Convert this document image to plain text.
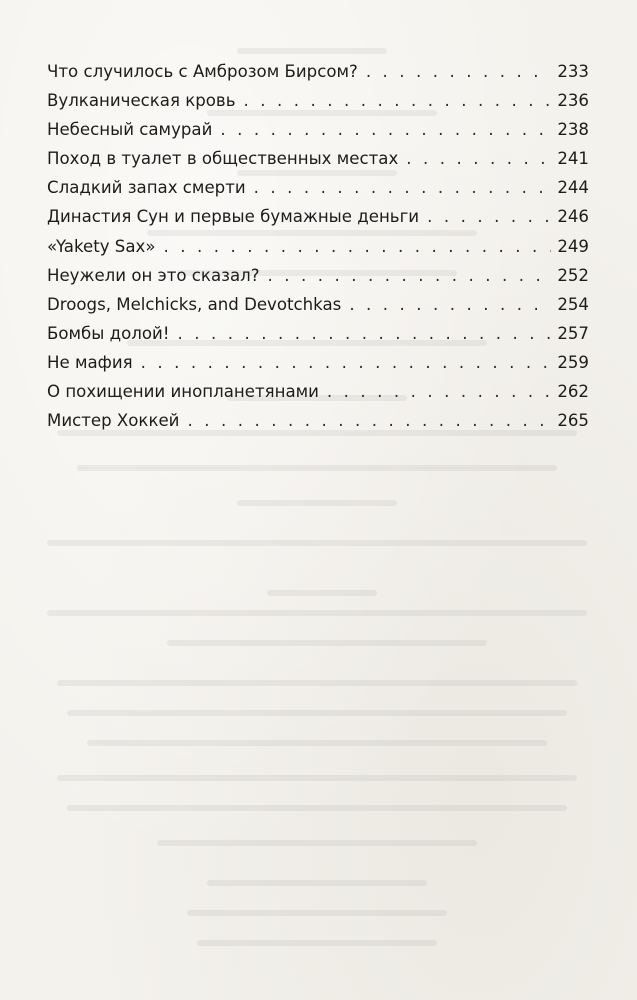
Что случилось с Амброзом Бирсом? . . .	233
Вулканическая кровь . . .	236
Небесный самурай . . .	238
Поход в туалет в общественных местах . . .	241
Сладкий запах смерти . . .	244
Династия Сун и первые бумажные деньги . . .	246
«Yakety Sax» . . .	249
Неужели он это сказал? . . .	252
Droogs, Melchicks, and Devotchkas . . .	254
Бомбы долой! . . .	257
Не мафия . . .	259
О похищении инопланетянами . . .	262
Мистер Хоккей . . .	265
